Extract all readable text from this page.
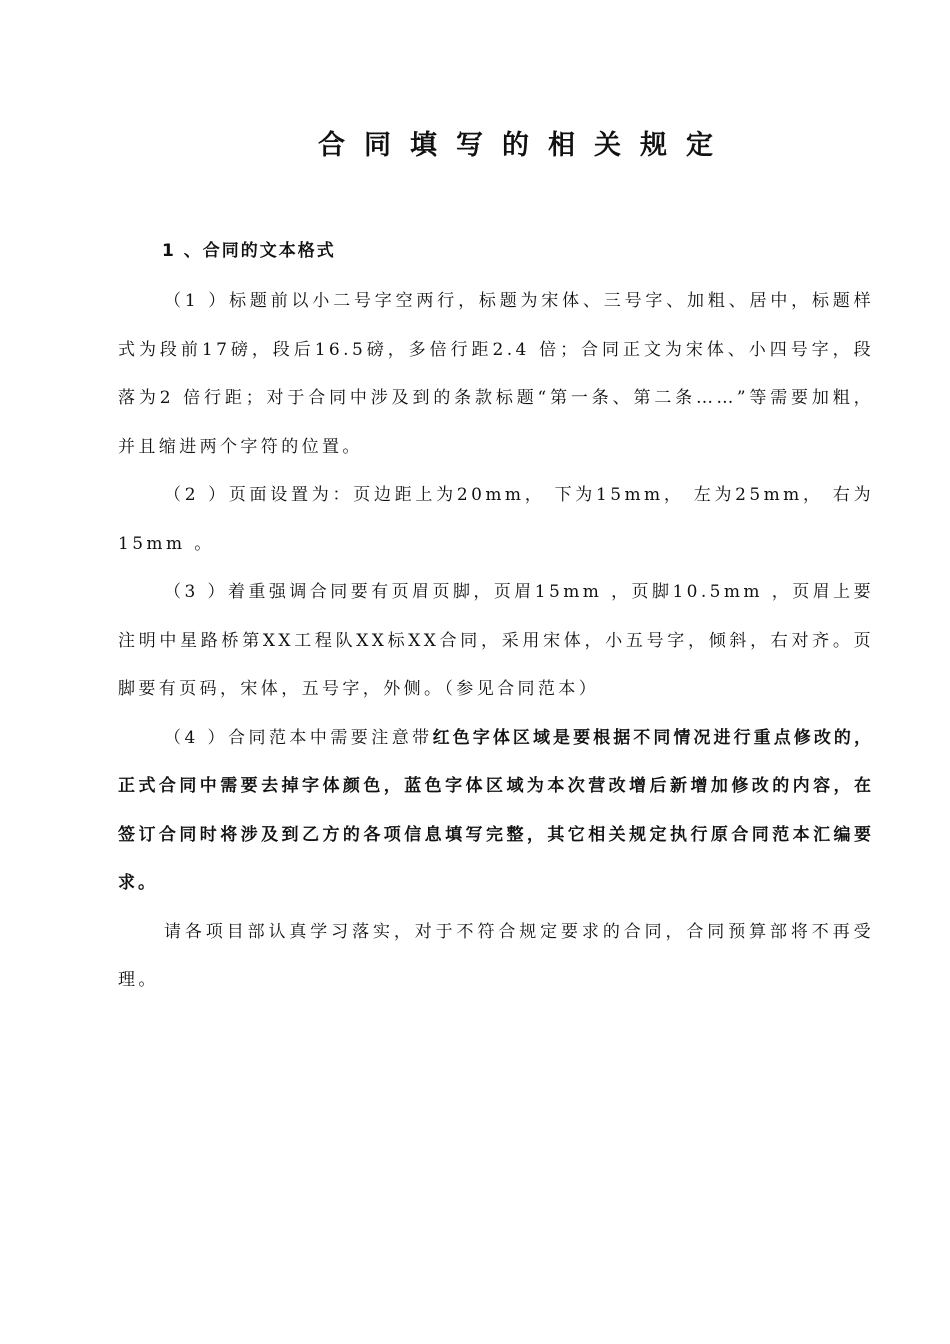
合同填写的相关规定

1 、合同的文本格式

（1 ）标题前以小二号字空两行，标题为宋体、三号字、加粗、居中，标题样式为段前17磅，段后16.5磅，多倍行距2.4 倍；合同正文为宋体、小四号字，段落为2 倍行距；对于合同中涉及到的条款标题“第一条、第二条……”等需要加粗，并且缩进两个字符的位置。

（2 ）页面设置为：页边距上为20mm， 下为15mm， 左为25mm， 右为15mm 。

（3 ）着重强调合同要有页眉页脚，页眉15mm ，页脚10.5mm ，页眉上要注明中星路桥第XX工程队XX标XX合同，采用宋体，小五号字，倾斜，右对齐。页脚要有页码，宋体，五号字，外侧。（参见合同范本）

（4 ）合同范本中需要注意带红色字体区域是要根据不同情况进行重点修改的，正式合同中需要去掉字体颜色，蓝色字体区域为本次营改增后新增加修改的内容，在签订合同时将涉及到乙方的各项信息填写完整，其它相关规定执行原合同范本汇编要求。

请各项目部认真学习落实，对于不符合规定要求的合同，合同预算部将不再受理。
